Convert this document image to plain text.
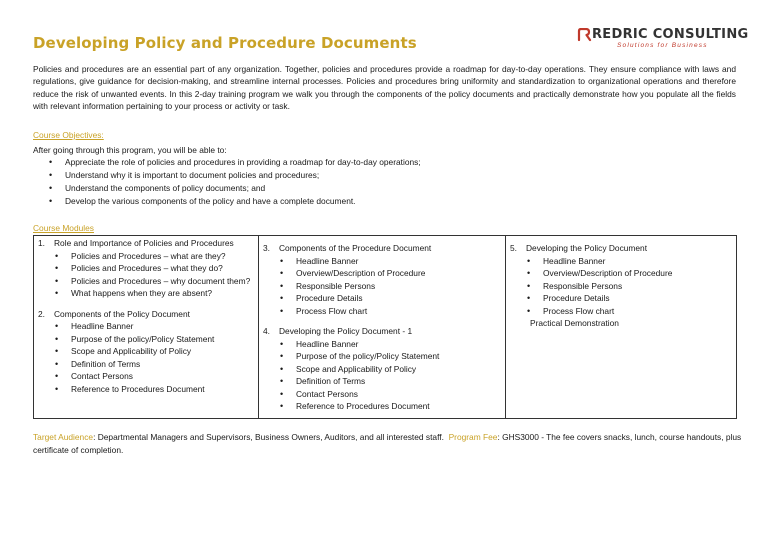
Developing Policy and Procedure Documents	REDRIC CONSULTING
Solutions for Business

Policies and procedures are an essential part of any organization. Together, policies and procedures provide a roadmap for day-to-day operations. They ensure compliance with laws and regulations, give guidance for decision-making, and streamline internal processes. Policies and procedures bring uniformity and standardization to organizational operations and therefore reduce the risk of unwanted events. In this 2-day training program we walk you through the components of the policy documents and practically demonstrate how you populate all the fields with relevant information pertaining to your process or activity or task.

Course Objectives:
After going through this program, you will be able to:
• Appreciate the role of policies and procedures in providing a roadmap for day-to-day operations;
• Understand why it is important to document policies and procedures;
• Understand the components of policy documents; and
• Develop the various components of the policy and have a complete document.
Course Modules
1. Role and Importance of Policies and Procedures
• Policies and Procedures – what are they?
• Policies and Procedures – what they do?
• Policies and Procedures – why document them?
• What happens when they are absent?
2. Components of the Policy Document
• Headline Banner
• Purpose of the policy/Policy Statement
• Scope and Applicability of Policy
• Definition of Terms
• Contact Persons
• Reference to Procedures Document
3. Components of the Procedure Document
• Headline Banner
• Overview/Description of Procedure
• Responsible Persons
• Procedure Details
• Process Flow chart
4. Developing the Policy Document - 1
• Headline Banner
• Purpose of the policy/Policy Statement
• Scope and Applicability of Policy
• Definition of Terms
• Contact Persons
• Reference to Procedures Document
5. Developing the Policy Document
• Headline Banner
• Overview/Description of Procedure
• Responsible Persons
• Procedure Details
• Process Flow chart
Practical Demonstration

Target Audience: Departmental Managers and Supervisors, Business Owners, Auditors, and all interested staff. Program Fee: GHS3000 - The fee covers snacks, lunch, course handouts, plus certificate of completion.
